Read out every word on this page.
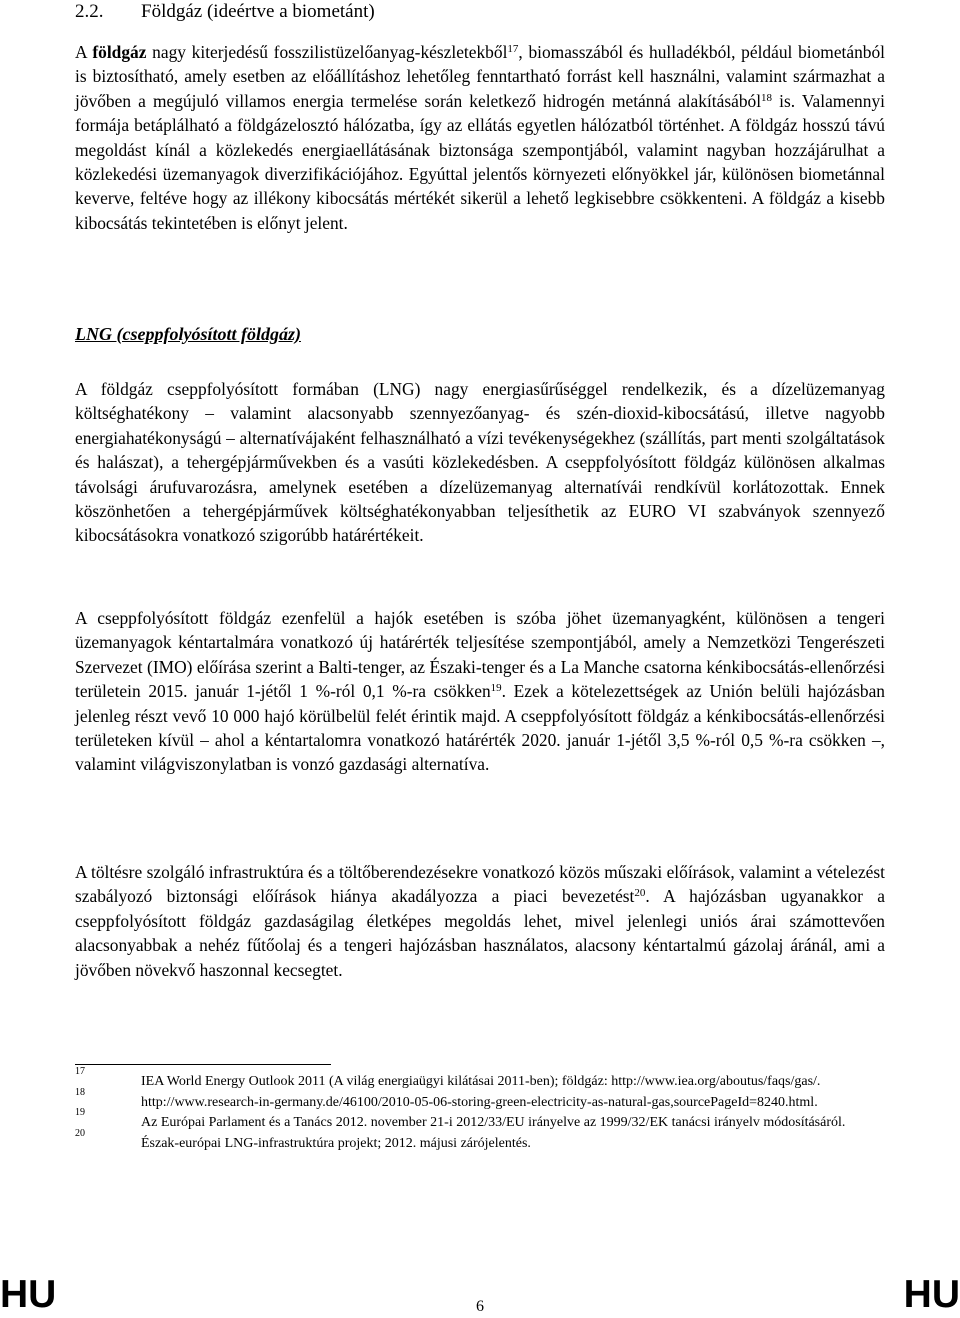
2.2. Földgáz (ideértve a biometánt)

A földgáz nagy kiterjedésű fosszilistüzelőanyag-készletekből$^{17}$, biomasszából és hulladékból, például biometánból is biztosítható, amely esetben az előállításhoz lehetőleg fenntartható forrást kell használni, valamint származhat a jövőben a megújuló villamos energia termelése során keletkező hidrogén metánná alakításából$^{18}$ is. Valamennyi formája betáplálható a földgázelosztó hálózatba, így az ellátás egyetlen hálózatból történhet. A földgáz hosszú távú megoldást kínál a közlekedés energiaellátásának biztonsága szempontjából, valamint nagyban hozzájárulhat a közlekedési üzemanyagok diverzifikációjához. Egyúttal jelentős környezeti előnyökkel jár, különösen biometánnal keverve, feltéve hogy az illékony kibocsátás mértékét sikerül a lehető legkisebbre csökkenteni. A földgáz a kisebb kibocsátás tekintetében is előnyt jelent.

LNG (cseppfolyósított földgáz)

A földgáz cseppfolyósított formában (LNG) nagy energiasűrűséggel rendelkezik, és a dízelüzemanyag költséghatékony – valamint alacsonyabb szennyezőanyag- és szén-dioxid-kibocsátású, illetve nagyobb energiahatékonyságú – alternatívájaként felhasználható a vízi tevékenységekhez (szállítás, part menti szolgáltatások és halászat), a tehergépjárművekben és a vasúti közlekedésben. A cseppfolyósított földgáz különösen alkalmas távolsági árufuvarozásra, amelynek esetében a dízelüzemanyag alternatívái rendkívül korlátozottak. Ennek köszönhetően a tehergépjárművek költséghatékonyabban teljesíthetik az EURO VI szabványok szennyező kibocsátásokra vonatkozó szigorúbb határértékeit.

A cseppfolyósított földgáz ezenfelül a hajók esetében is szóba jöhet üzemanyagként, különösen a tengeri üzemanyagok kéntartalmára vonatkozó új határérték teljesítése szempontjából, amely a Nemzetközi Tengerészeti Szervezet (IMO) előírása szerint a Balti-tenger, az Északi-tenger és a La Manche csatorna kénkibocsátás-ellenőrzési területein 2015. január 1-jétől 1 %-ról 0,1 %-ra csökken$^{19}$. Ezek a kötelezettségek az Unión belüli hajózásban jelenleg részt vevő 10 000 hajó körülbelül felét érintik majd. A cseppfolyósított földgáz a kénkibocsátás-ellenőrzési területeken kívül – ahol a kéntartalomra vonatkozó határérték 2020. január 1-jétől 3,5 %-ról 0,5 %-ra csökken –, valamint világviszonylatban is vonzó gazdasági alternatíva.

A töltésre szolgáló infrastruktúra és a töltőberendezésekre vonatkozó közös műszaki előírások, valamint a vételezést szabályozó biztonsági előírások hiánya akadályozza a piaci bevezetést$^{20}$. A hajózásban ugyanakkor a cseppfolyósított földgáz gazdaságilag életképes megoldás lehet, mivel jelenlegi uniós árai számottevően alacsonyabbak a nehéz fűtőolaj és a tengeri hajózásban használatos, alacsony kéntartalmú gázolaj áránál, ami a jövőben növekvő haszonnal kecsegtet.

17
IEA World Energy Outlook 2011 (A világ energiaügyi kilátásai 2011-ben); földgáz: http://www.iea.org/aboutus/faqs/gas/.

18
http://www.research-in-germany.de/46100/2010-05-06-storing-green-electricity-as-natural-gas,sourcePageId=8240.html.

19
Az Európai Parlament és a Tanács 2012. november 21-i 2012/33/EU irányelve az 1999/32/EK tanácsi irányelv módosításáról.

20
Észak-európai LNG-infrastruktúra projekt; 2012. májusi zárójelentés.

HU	6	HU
